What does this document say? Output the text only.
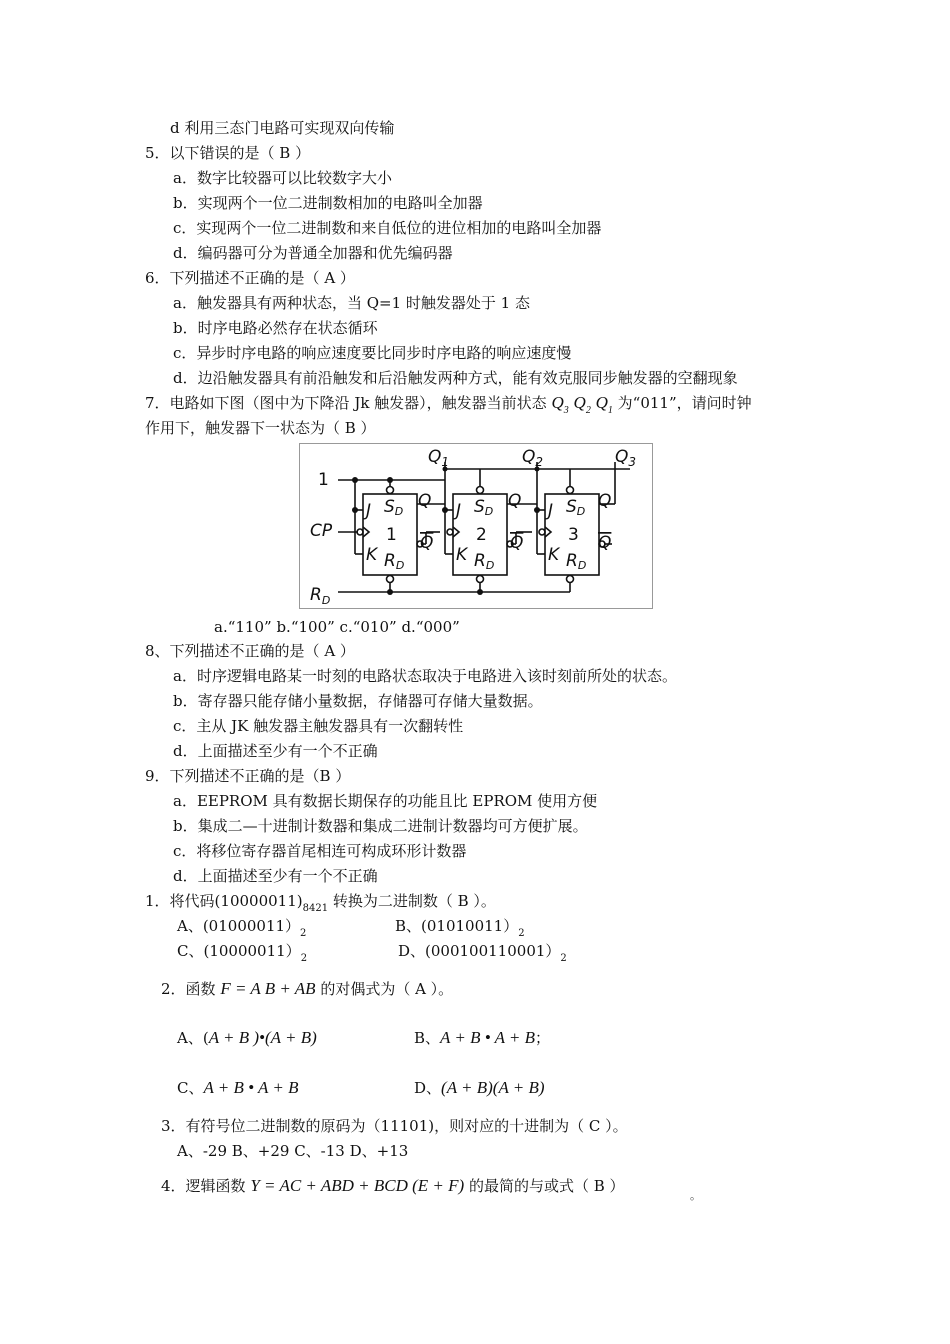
d 利用三态门电路可实现双向传输
5．以下错误的是（ B ）
a．数字比较器可以比较数字大小
b．实现两个一位二进制数相加的电路叫全加器
c．实现两个一位二进制数和来自低位的进位相加的电路叫全加器
d．编码器可分为普通全加器和优先编码器
6．下列描述不正确的是（ A ）
a．触发器具有两种状态，当 Q=1 时触发器处于 1 态
b．时序电路必然存在状态循环
c．异步时序电路的响应速度要比同步时序电路的响应速度慢
d．边沿触发器具有前沿触发和后沿触发两种方式，能有效克服同步触发器的空翻现象
7．电路如下图（图中为下降沿 Jk 触发器），触发器当前状态 $Q_3$ $Q_2$ $Q_1$ 为“011”，请问时钟
作用下，触发器下一状态为（ B ）
1
CP
$R_D$
$Q_1$	$Q_2$	$Q_3$
J
K
SD
RD
Q
Q
1
J
K
SD
RD
Q
Q
2
J
K
SD
RD
Q
Q
3
a.“110” b.“100” c.“010” d.“000”
8、下列描述不正确的是（ A ）
a．时序逻辑电路某一时刻的电路状态取决于电路进入该时刻前所处的状态。
b．寄存器只能存储小量数据，存储器可存储大量数据。
c．主从 JK 触发器主触发器具有一次翻转性
d．上面描述至少有一个不正确
9．下列描述不正确的是（B ）
a．EEPROM 具有数据长期保存的功能且比 EPROM 使用方便
b．集成二—十进制计数器和集成二进制计数器均可方便扩展。
c．将移位寄存器首尾相连可构成环形计数器
d．上面描述至少有一个不正确
1．将代码$(10000011)_{8421}$ 转换为二进制数（ B ）。
A、$(01000011)_2$	B、$(01010011)_2$
C、$(10000011)_2$	D、$(000100110001)_2$
2．函数 F = A B + AB 的对偶式为（ A ）。
A、(A + B )•(A + B)	B、A + B • A + B；
C、A + B • A + B	D、(A + B)(A + B)
3．有符号位二进制数的原码为（11101)，则对应的十进制为（ C ）。
A、-29 B、+29 C、-13 D、+13
4．逻辑函数 Y = AC + ABD + BCD (E + F) 的最简的与或式（ B ）
。
